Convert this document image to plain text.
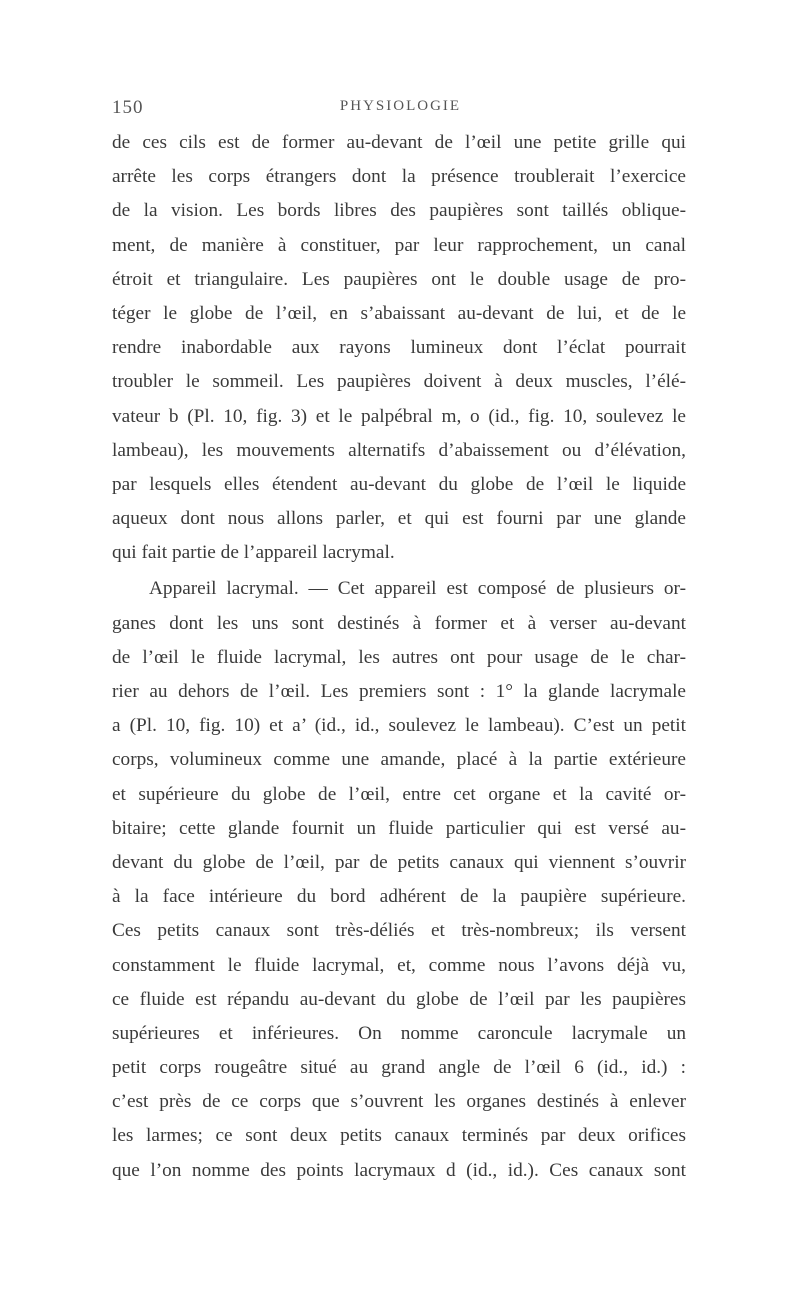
150	PHYSIOLOGIE
de ces cils est de former au-devant de l’œil une petite grille qui
arrête les corps étrangers dont la présence troublerait l’exercice
de la vision. Les bords libres des paupières sont taillés oblique-
ment, de manière à constituer, par leur rapprochement, un canal
étroit et triangulaire. Les paupières ont le double usage de pro-
téger le globe de l’œil, en s’abaissant au-devant de lui, et de le
rendre inabordable aux rayons lumineux dont l’éclat pourrait
troubler le sommeil. Les paupières doivent à deux muscles, l’élé-
vateur b (Pl. 10, fig. 3) et le palpébral m, o (id., fig. 10, soulevez le
lambeau), les mouvements alternatifs d’abaissement ou d’élévation,
par lesquels elles étendent au-devant du globe de l’œil le liquide
aqueux dont nous allons parler, et qui est fourni par une glande
qui fait partie de l’appareil lacrymal.
Appareil lacrymal. — Cet appareil est composé de plusieurs or-
ganes dont les uns sont destinés à former et à verser au-devant
de l’œil le fluide lacrymal, les autres ont pour usage de le char-
rier au dehors de l’œil. Les premiers sont : 1° la glande lacrymale
a (Pl. 10, fig. 10) et a’ (id., id., soulevez le lambeau). C’est un petit
corps, volumineux comme une amande, placé à la partie extérieure
et supérieure du globe de l’œil, entre cet organe et la cavité or-
bitaire; cette glande fournit un fluide particulier qui est versé au-
devant du globe de l’œil, par de petits canaux qui viennent s’ouvrir
à la face intérieure du bord adhérent de la paupière supérieure.
Ces petits canaux sont très-déliés et très-nombreux; ils versent
constamment le fluide lacrymal, et, comme nous l’avons déjà vu,
ce fluide est répandu au-devant du globe de l’œil par les paupières
supérieures et inférieures. On nomme caroncule lacrymale un
petit corps rougeâtre situé au grand angle de l’œil 6 (id., id.) :
c’est près de ce corps que s’ouvrent les organes destinés à enlever
les larmes; ce sont deux petits canaux terminés par deux orifices
que l’on nomme des points lacrymaux d (id., id.). Ces canaux sont
